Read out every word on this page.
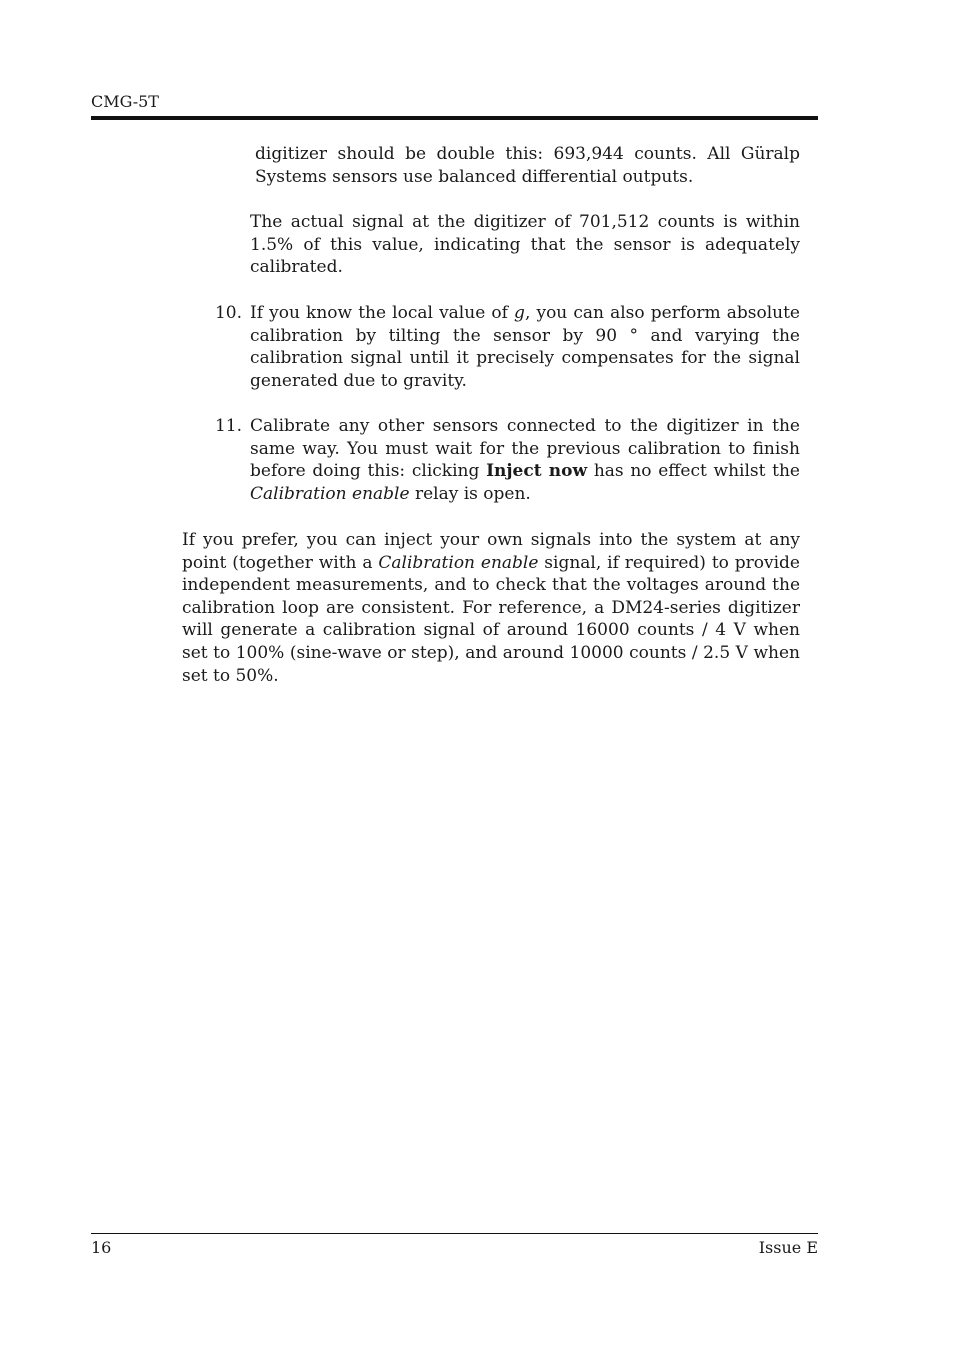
CMG-5T

digitizer should be double this: 693,944 counts. All Güralp Systems sensors use balanced differential outputs.

The actual signal at the digitizer of 701,512 counts is within 1.5% of this value, indicating that the sensor is adequately calibrated.

10. If you know the local value of g, you can also perform absolute calibration by tilting the sensor by 90 ° and varying the calibration signal until it precisely compensates for the signal generated due to gravity.

11. Calibrate any other sensors connected to the digitizer in the same way. You must wait for the previous calibration to finish before doing this: clicking Inject now has no effect whilst the Calibration enable relay is open.

If you prefer, you can inject your own signals into the system at any point (together with a Calibration enable signal, if required) to provide independent measurements, and to check that the voltages around the calibration loop are consistent. For reference, a DM24-series digitizer will generate a calibration signal of around 16000 counts / 4 V when set to 100% (sine-wave or step), and around 10000 counts / 2.5 V when set to 50%.

16	Issue E
